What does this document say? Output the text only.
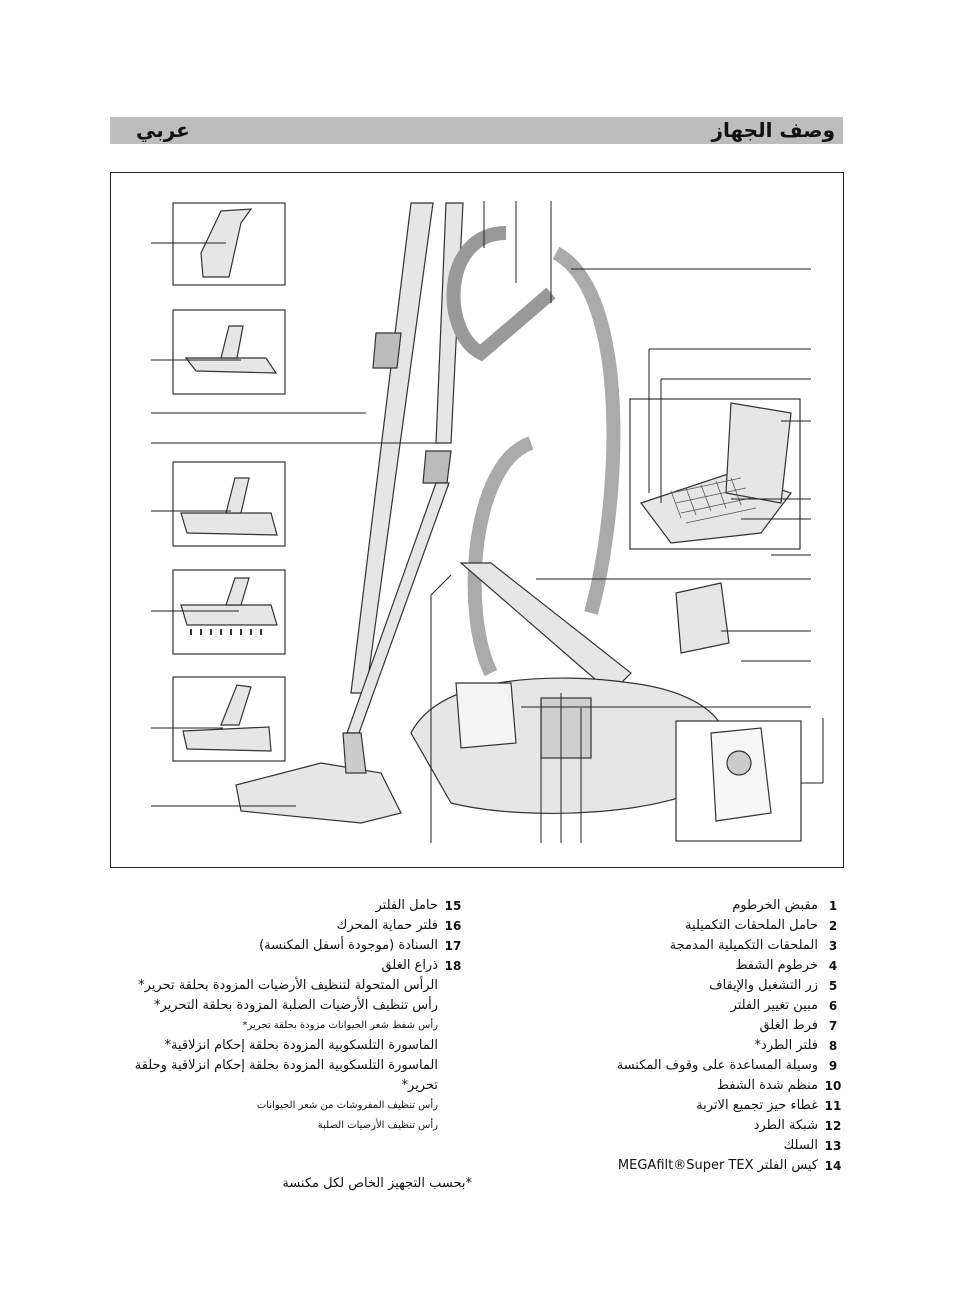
وصف الجهاز
عربي
1
مقبض الخرطوم
2
حامل الملحقات التكميلية
3
الملحقات التكميلية المدمجة
4
خرطوم الشفط
5
زر التشغيل والإيقاف
6
مبين تغيير الفلتر
7
فرط الغلق
8
فلتر الطرد*
9
وسيلة المساعدة على وقوف المكنسة
10
منظم شدة الشفط
11
غطاء حيز تجميع الاتربة
12
شبكة الطرد
13
السلك
14
كيس الفلتر MEGAfilt®Super TEX
15
حامل الفلتر
16
فلتر حماية المحرك
17
السنادة (موجودة أسفل المكنسة)
18
ذراع الغلق
الرأس المتحولة لتنظيف الأرضيات المزودة بحلقة تحرير*
رأس تنظيف الأرضيات الصلبة المزودة بحلقة التحرير*
رأس شفط شعر الحيوانات مزودة بحلقة تحرير*
الماسورة التلسكوبية المزودة بحلقة إحكام انزلاقية*
الماسورة التلسكوبية المزودة بحلقة إحكام انزلاقية وحلقة تحرير*
رأس تنظيف المفروشات من شعر الحيوانات
رأس تنظيف الأرضيات الصلبة
*بحسب التجهيز الخاص لكل مكنسة
